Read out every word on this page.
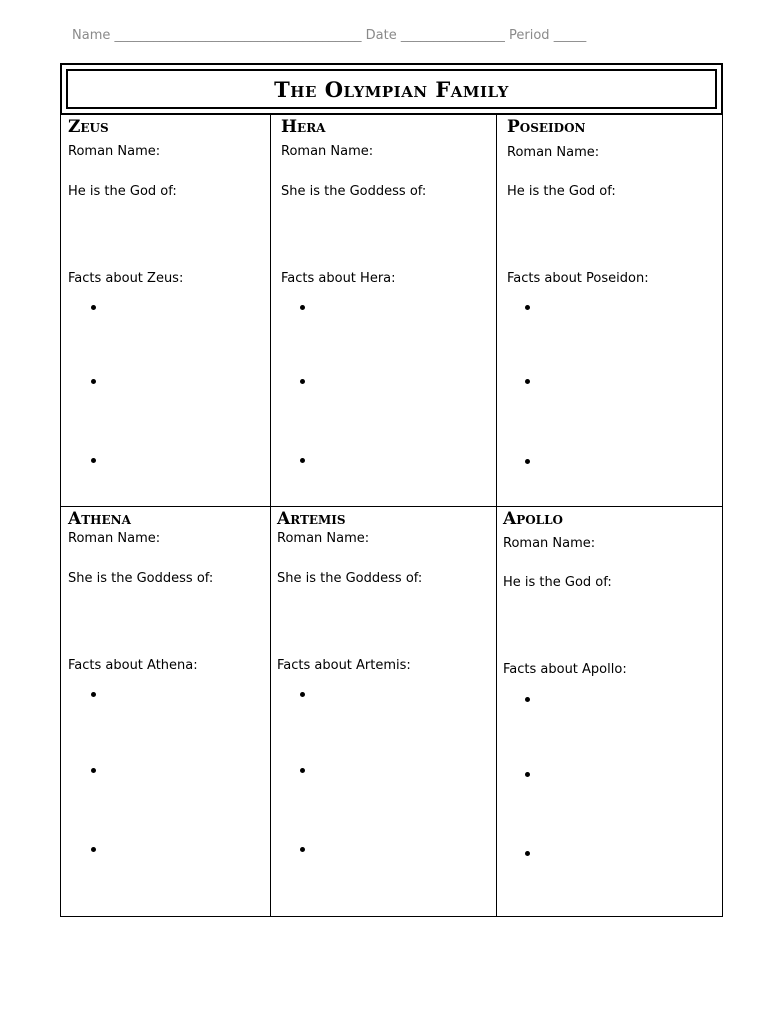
Name ______________________________________ Date ________________ Period _____
The Olympian Family
Zeus
Roman Name:
He is the God of:
Facts about Zeus:
Hera
Roman Name:
She is the Goddess of:
Facts about Hera:
Poseidon
Roman Name:
He is the God of:
Facts about Poseidon:
Athena
Roman Name:
She is the Goddess of:
Facts about Athena:
Artemis
Roman Name:
She is the Goddess of:
Facts about Artemis:
Apollo
Roman Name:
He is the God of:
Facts about Apollo:
